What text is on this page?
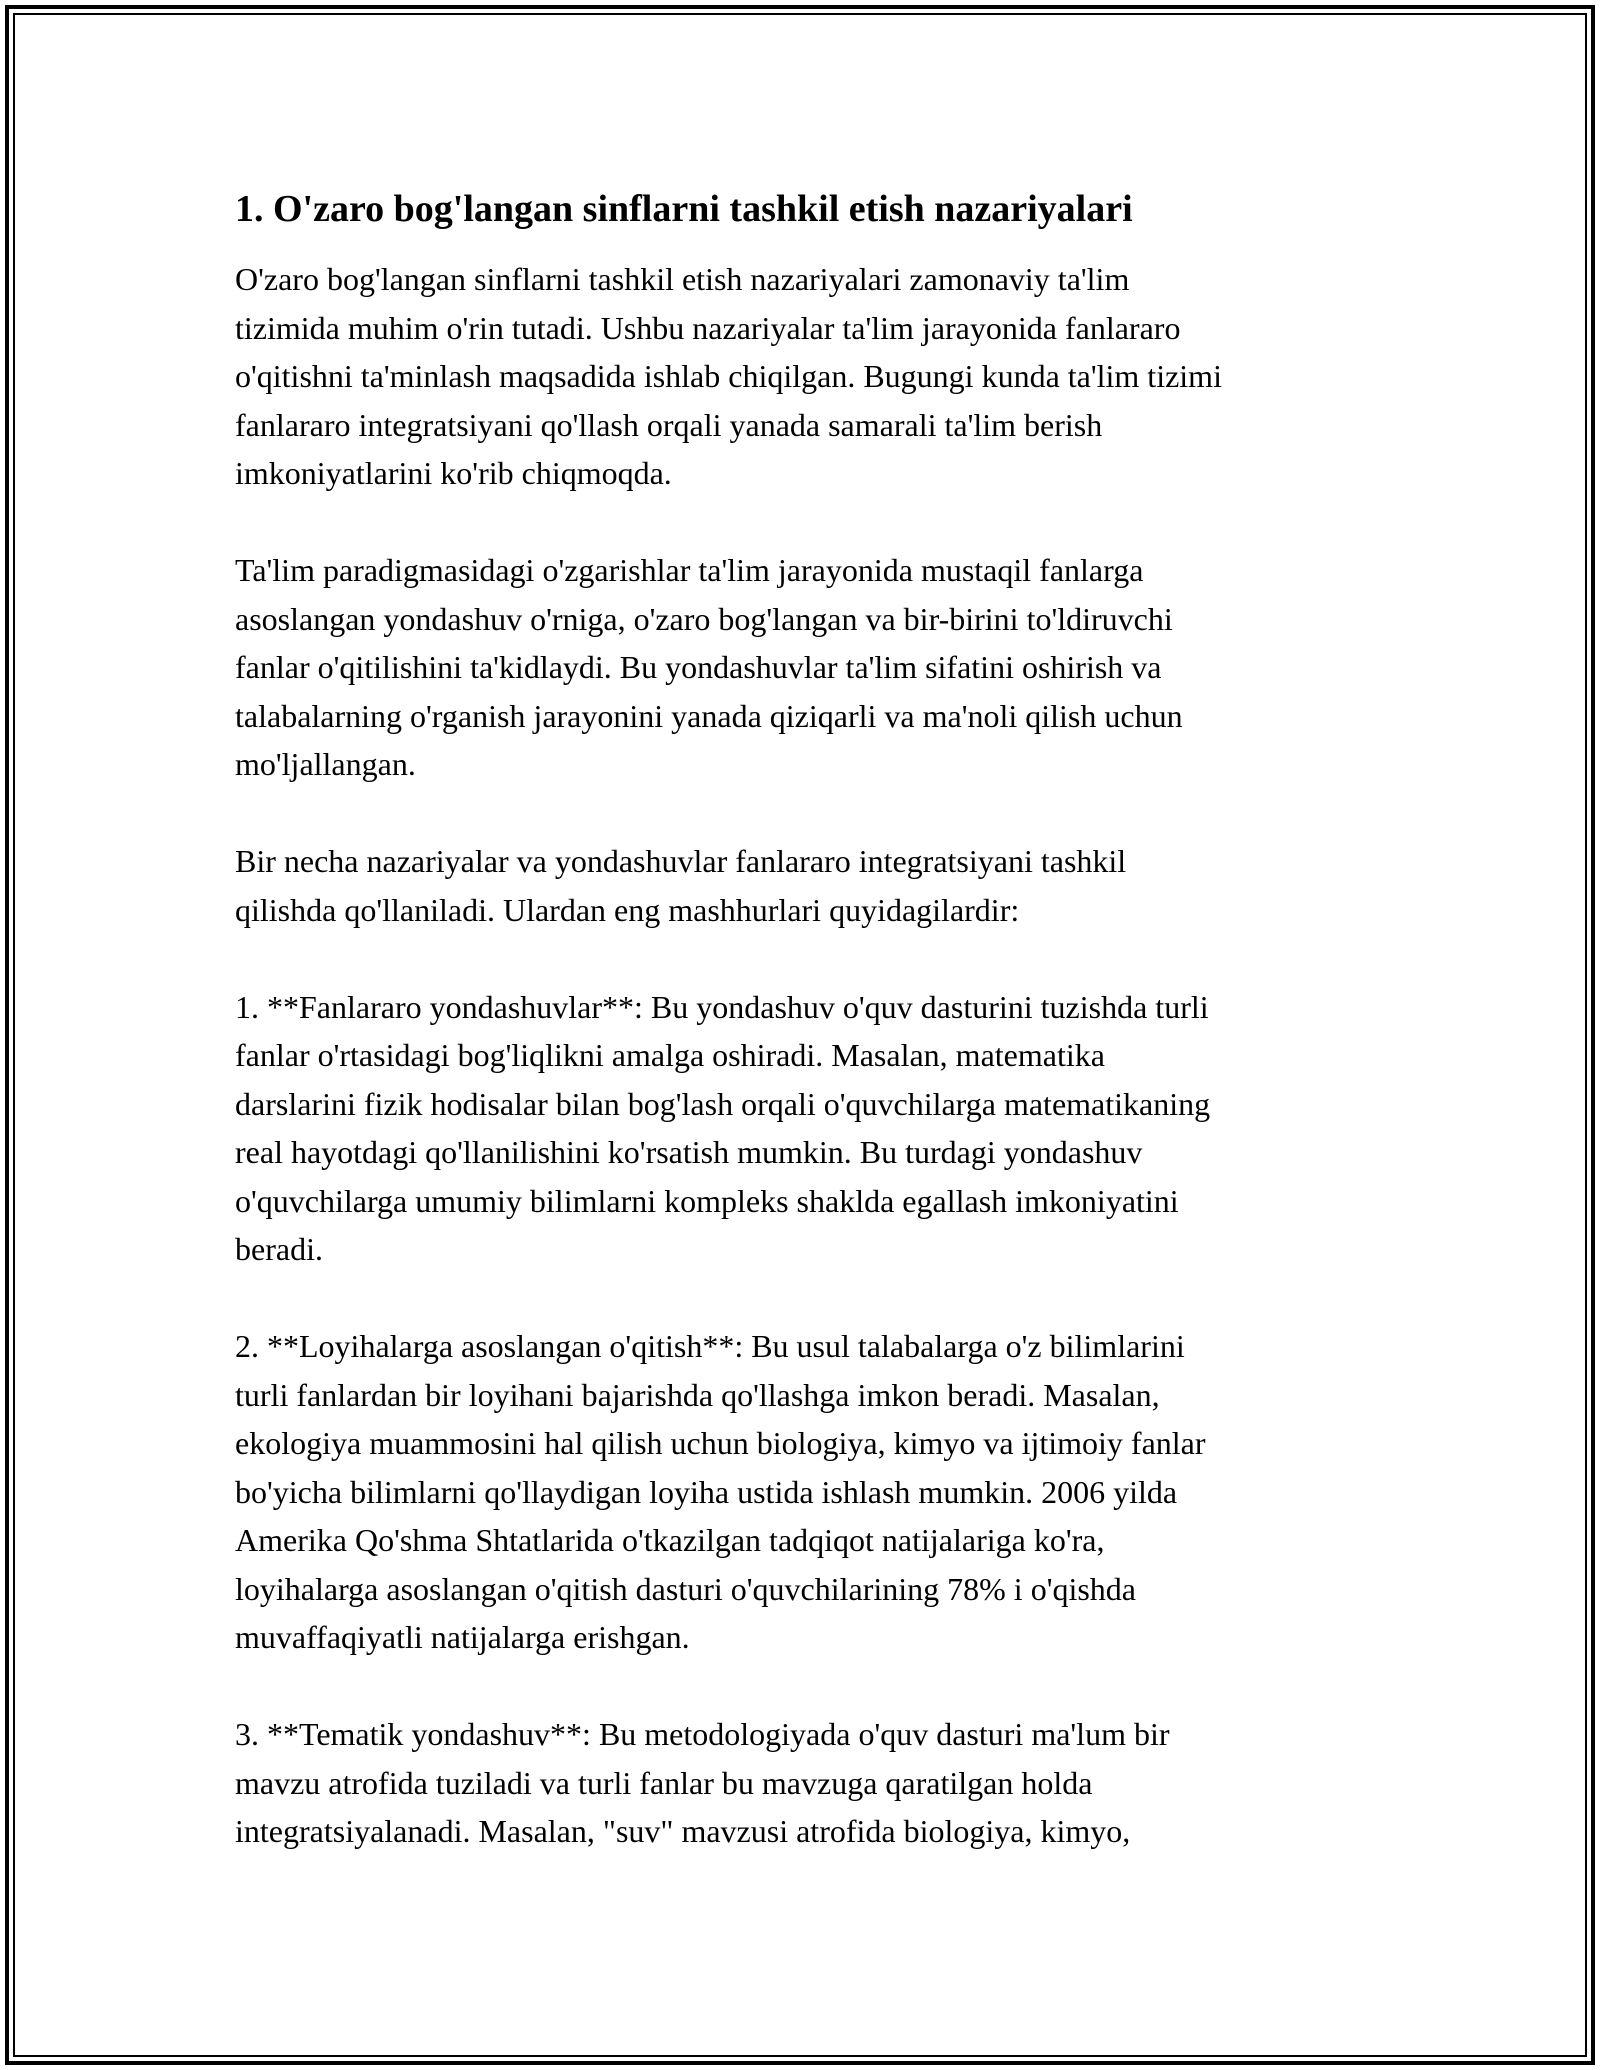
1. O'zaro bog'langan sinflarni tashkil etish nazariyalari
O'zaro bog'langan sinflarni tashkil etish nazariyalari zamonaviy ta'lim
tizimida muhim o'rin tutadi. Ushbu nazariyalar ta'lim jarayonida fanlararo
o'qitishni ta'minlash maqsadida ishlab chiqilgan. Bugungi kunda ta'lim tizimi
fanlararo integratsiyani qo'llash orqali yanada samarali ta'lim berish
imkoniyatlarini ko'rib chiqmoqda.
Ta'lim paradigmasidagi o'zgarishlar ta'lim jarayonida mustaqil fanlarga
asoslangan yondashuv o'rniga, o'zaro bog'langan va bir-birini to'ldiruvchi
fanlar o'qitilishini ta'kidlaydi. Bu yondashuvlar ta'lim sifatini oshirish va
talabalarning o'rganish jarayonini yanada qiziqarli va ma'noli qilish uchun
mo'ljallangan.
Bir necha nazariyalar va yondashuvlar fanlararo integratsiyani tashkil
qilishda qo'llaniladi. Ulardan eng mashhurlari quyidagilardir:
1. **Fanlararo yondashuvlar**: Bu yondashuv o'quv dasturini tuzishda turli
fanlar o'rtasidagi bog'liqlikni amalga oshiradi. Masalan, matematika
darslarini fizik hodisalar bilan bog'lash orqali o'quvchilarga matematikaning
real hayotdagi qo'llanilishini ko'rsatish mumkin. Bu turdagi yondashuv
o'quvchilarga umumiy bilimlarni kompleks shaklda egallash imkoniyatini
beradi.
2. **Loyihalarga asoslangan o'qitish**: Bu usul talabalarga o'z bilimlarini
turli fanlardan bir loyihani bajarishda qo'llashga imkon beradi. Masalan,
ekologiya muammosini hal qilish uchun biologiya, kimyo va ijtimoiy fanlar
bo'yicha bilimlarni qo'llaydigan loyiha ustida ishlash mumkin. 2006 yilda
Amerika Qo'shma Shtatlarida o'tkazilgan tadqiqot natijalariga ko'ra,
loyihalarga asoslangan o'qitish dasturi o'quvchilarining 78% i o'qishda
muvaffaqiyatli natijalarga erishgan.
3. **Tematik yondashuv**: Bu metodologiyada o'quv dasturi ma'lum bir
mavzu atrofida tuziladi va turli fanlar bu mavzuga qaratilgan holda
integratsiyalanadi. Masalan, "suv" mavzusi atrofida biologiya, kimyo,
